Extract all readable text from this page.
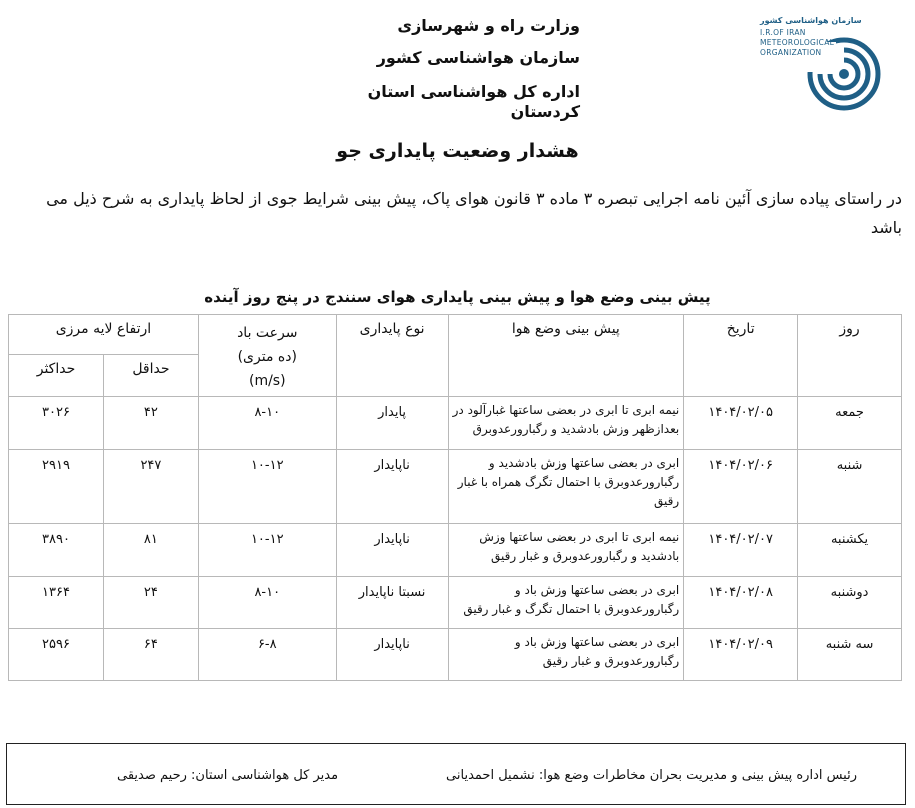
وزارت راه و شهرسازی
سازمان هواشناسی کشور
اداره کل هواشناسی استان کردستان
سازمان هواشناسی کشور
I.R.OF IRAN
METEOROLOGICAL
ORGANIZATION
هشدار وضعیت پایداری جو
در راستای پیاده سازی آئین نامه اجرایی تبصره ۳ ماده ۳ قانون هوای پاک، پیش بینی شرایط جوی از لحاظ پایداری به شرح ذیل می باشد
پیش بینی وضع هوا و پیش بینی پایداری هوای سنندج در پنج روز آینده
روز	تاریخ	پیش بینی وضع هوا	نوع پایداری	سرعت باد
(ده متری)
(m/s)	ارتفاع لایه مرزی	
					حداقل	حداکثر
جمعه	۱۴۰۴/۰۲/۰۵	نیمه ابری تا ابری در بعضی ساعتها غبارآلود در بعدازظهر وزش بادشدید و رگبارورعدوبرق	پایدار	۸-۱۰	۴۲	۳۰۲۶
شنبه	۱۴۰۴/۰۲/۰۶	ابری در بعضی ساعتها وزش بادشدید و رگبارورعدوبرق با احتمال تگرگ همراه با غبار رقیق	ناپایدار	۱۰-۱۲	۲۴۷	۲۹۱۹
یکشنبه	۱۴۰۴/۰۲/۰۷	نیمه ابری تا ابری در بعضی ساعتها وزش بادشدید و رگبارورعدوبرق و غبار رقیق	ناپایدار	۱۰-۱۲	۸۱	۳۸۹۰
دوشنبه	۱۴۰۴/۰۲/۰۸	ابری در بعضی ساعتها وزش باد و رگبارورعدوبرق با احتمال تگرگ و غبار رقیق	نسبتا ناپایدار	۸-۱۰	۲۴	۱۳۶۴
سه شنبه	۱۴۰۴/۰۲/۰۹	ابری در بعضی ساعتها وزش باد و رگبارورعدوبرق و غبار رقیق	ناپایدار	۶-۸	۶۴	۲۵۹۶
رئیس اداره پیش بینی و مدیریت بحران مخاطرات وضع هوا: نشمیل احمدیانی
مدیر کل هواشناسی استان: رحیم صدیقی
